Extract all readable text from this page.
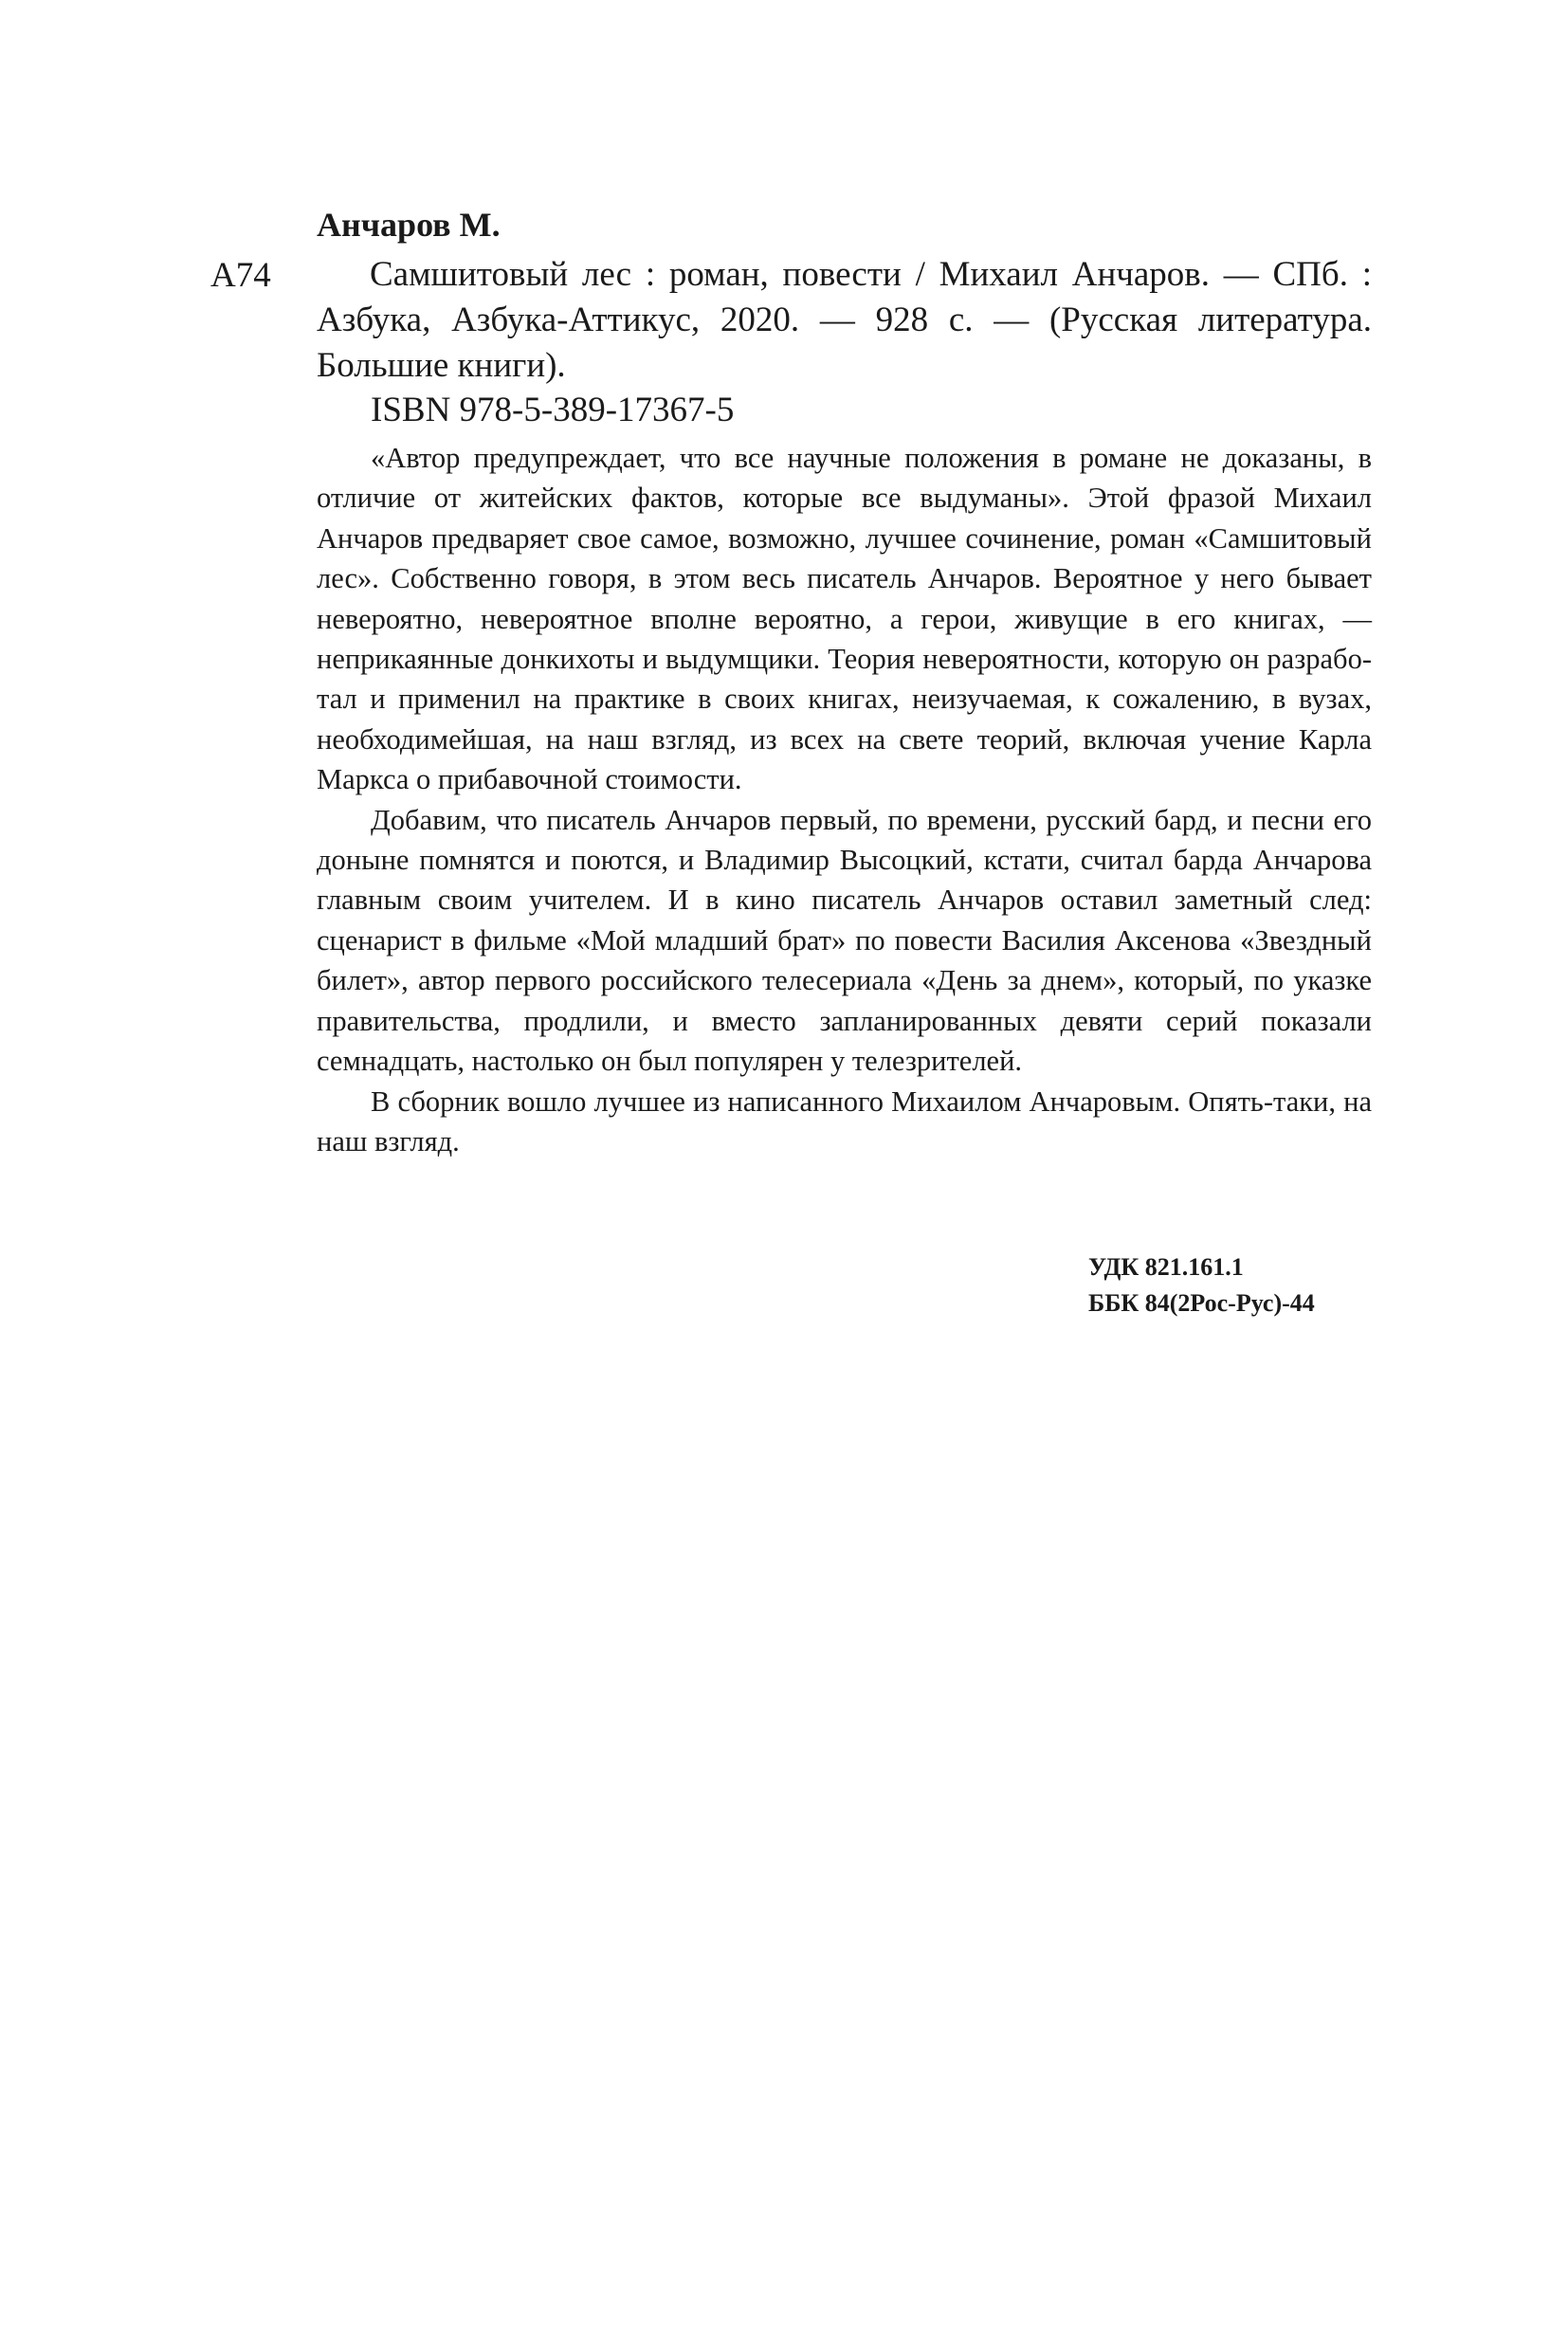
Анчаров М.
А74	Самшитовый лес : роман, повести / Михаил Анчаров. — СПб. : Азбука, Азбука-Аттикус, 2020. — 928 с. — (Русская литература. Большие книги).

ISBN 978-5-389-17367-5

«Автор предупреждает, что все научные положения в романе не доказаны, в отличие от житейских фактов, которые все выдуманы». Этой фразой Михаил Анчаров предваряет свое самое, возможно, лучшее сочинение, роман «Самшитовый лес». Собственно говоря, в этом весь писатель Анчаров. Вероятное у него бывает невероятно, невероятное вполне вероятно, а герои, живущие в его книгах, — неприкаянные донкихоты и выдумщики. Теория невероятности, которую он разработал и применил на практике в своих книгах, неизучаемая, к сожалению, в вузах, необходимейшая, на наш взгляд, из всех на свете теорий, включая учение Карла Маркса о прибавочной стоимости.

Добавим, что писатель Анчаров первый, по времени, русский бард, и песни его доныне помнятся и поются, и Владимир Высоцкий, кстати, считал барда Анчарова главным своим учителем. И в кино писатель Анчаров оставил заметный след: сценарист в фильме «Мой младший брат» по повести Василия Аксенова «Звездный билет», автор первого российского телесериала «День за днем», который, по указке правительства, продлили, и вместо запланированных девяти серий показали семнадцать, настолько он был популярен у телезрителей.

В сборник вошло лучшее из написанного Михаилом Анчаровым. Опять-таки, на наш взгляд.

УДК 821.161.1
ББК 84(2Рос-Рус)-44
